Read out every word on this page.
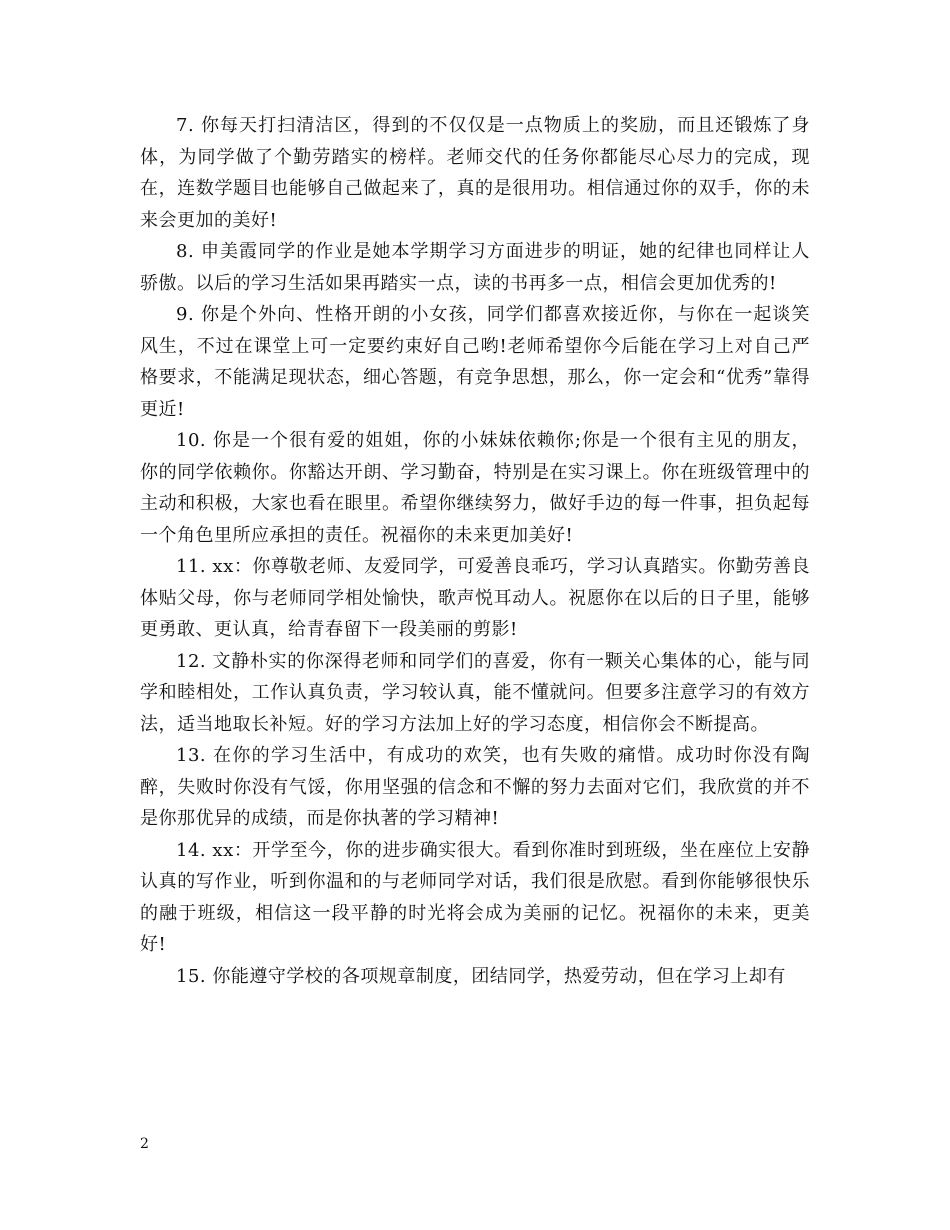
7. 你每天打扫清洁区，得到的不仅仅是一点物质上的奖励，而且还锻炼了身体，为同学做了个勤劳踏实的榜样。老师交代的任务你都能尽心尽力的完成，现在，连数学题目也能够自己做起来了，真的是很用功。相信通过你的双手，你的未来会更加的美好!

8. 申美霞同学的作业是她本学期学习方面进步的明证，她的纪律也同样让人骄傲。以后的学习生活如果再踏实一点，读的书再多一点，相信会更加优秀的!

9. 你是个外向、性格开朗的小女孩，同学们都喜欢接近你，与你在一起谈笑风生，不过在课堂上可一定要约束好自己哟!老师希望你今后能在学习上对自己严格要求，不能满足现状态，细心答题，有竞争思想，那么，你一定会和“优秀”靠得更近!

10. 你是一个很有爱的姐姐，你的小妹妹依赖你;你是一个很有主见的朋友，你的同学依赖你。你豁达开朗、学习勤奋，特别是在实习课上。你在班级管理中的主动和积极，大家也看在眼里。希望你继续努力，做好手边的每一件事，担负起每一个角色里所应承担的责任。祝福你的未来更加美好!

11. xx：你尊敬老师、友爱同学，可爱善良乖巧，学习认真踏实。你勤劳善良体贴父母，你与老师同学相处愉快，歌声悦耳动人。祝愿你在以后的日子里，能够更勇敢、更认真，给青春留下一段美丽的剪影!

12. 文静朴实的你深得老师和同学们的喜爱，你有一颗关心集体的心，能与同学和睦相处，工作认真负责，学习较认真，能不懂就问。但要多注意学习的有效方法，适当地取长补短。好的学习方法加上好的学习态度，相信你会不断提高。

13. 在你的学习生活中，有成功的欢笑，也有失败的痛惜。成功时你没有陶醉，失败时你没有气馁，你用坚强的信念和不懈的努力去面对它们，我欣赏的并不是你那优异的成绩，而是你执著的学习精神!

14. xx：开学至今，你的进步确实很大。看到你准时到班级，坐在座位上安静认真的写作业，听到你温和的与老师同学对话，我们很是欣慰。看到你能够很快乐的融于班级，相信这一段平静的时光将会成为美丽的记忆。祝福你的未来，更美好!

15. 你能遵守学校的各项规章制度，团结同学，热爱劳动，但在学习上却有

2
